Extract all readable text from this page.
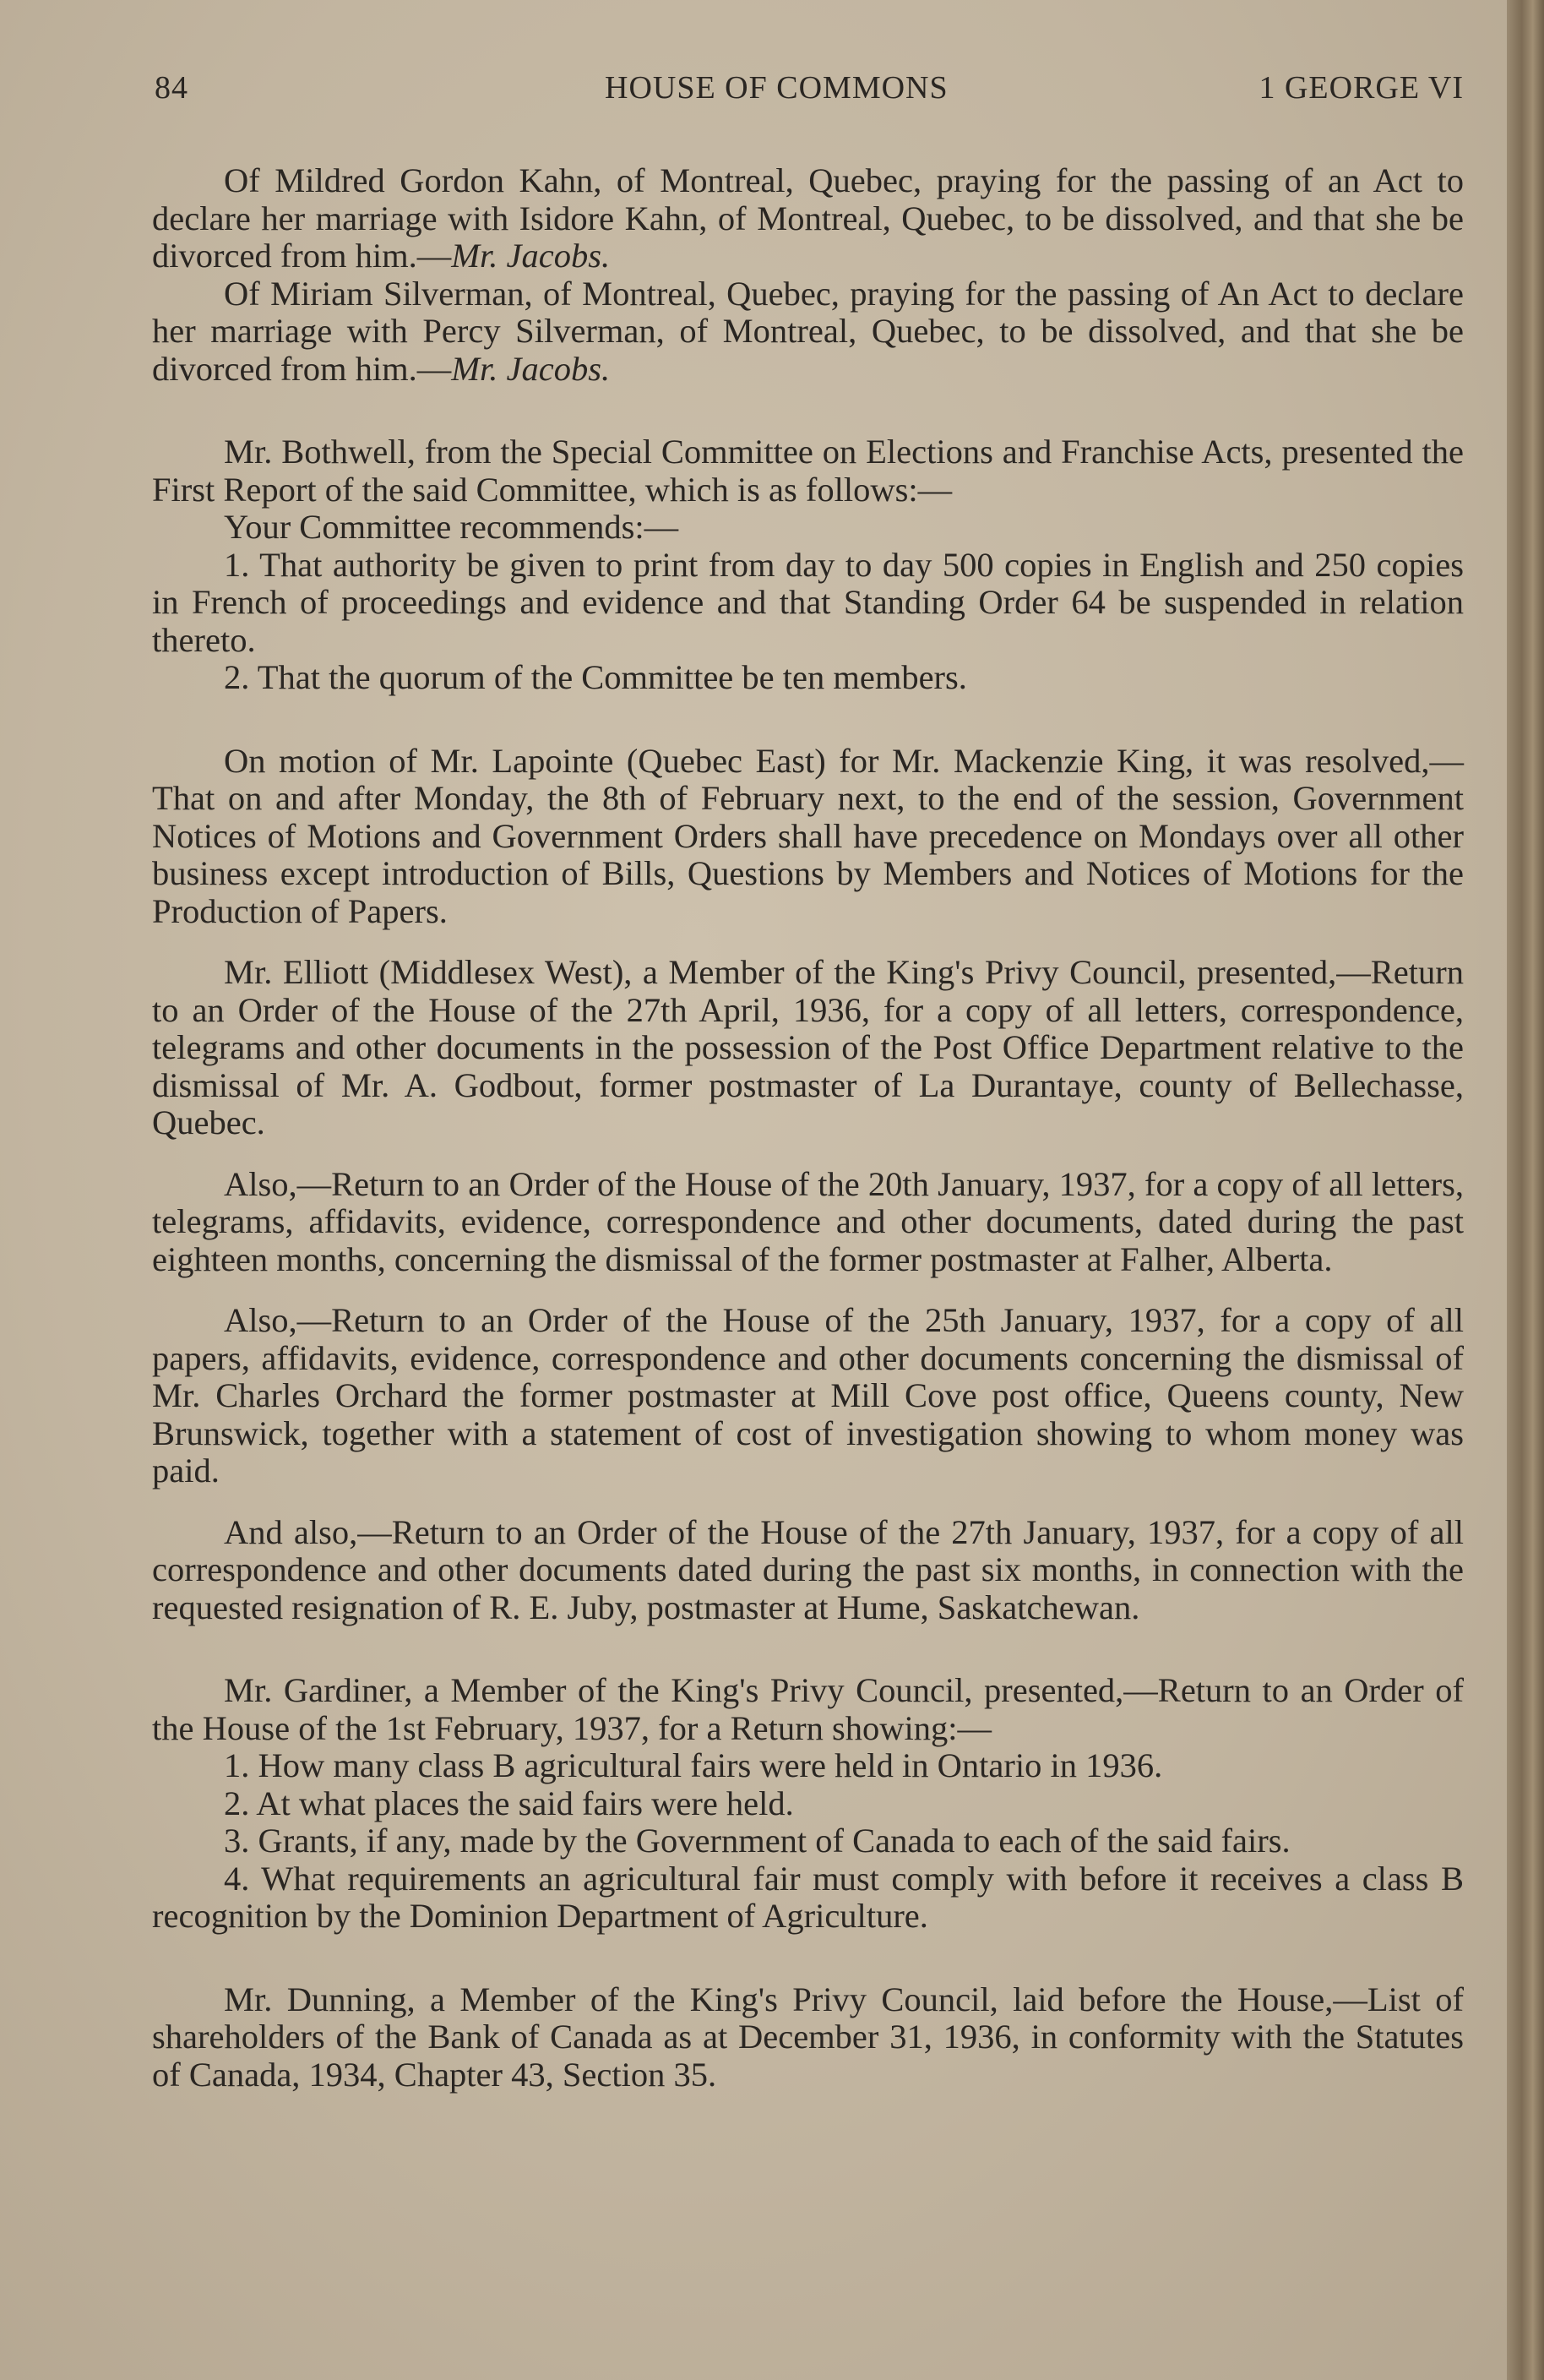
84	HOUSE OF COMMONS	1 GEORGE VI

Of Mildred Gordon Kahn, of Montreal, Quebec, praying for the passing of an Act to declare her marriage with Isidore Kahn, of Montreal, Quebec, to be dissolved, and that she be divorced from him.—Mr. Jacobs.

Of Miriam Silverman, of Montreal, Quebec, praying for the passing of An Act to declare her marriage with Percy Silverman, of Montreal, Quebec, to be dissolved, and that she be divorced from him.—Mr. Jacobs.

Mr. Bothwell, from the Special Committee on Elections and Franchise Acts, presented the First Report of the said Committee, which is as follows:—

Your Committee recommends:—

1. That authority be given to print from day to day 500 copies in English and 250 copies in French of proceedings and evidence and that Standing Order 64 be suspended in relation thereto.

2. That the quorum of the Committee be ten members.

On motion of Mr. Lapointe (Quebec East) for Mr. Mackenzie King, it was resolved,—That on and after Monday, the 8th of February next, to the end of the session, Government Notices of Motions and Government Orders shall have precedence on Mondays over all other business except introduction of Bills, Questions by Members and Notices of Motions for the Production of Papers.

Mr. Elliott (Middlesex West), a Member of the King's Privy Council, presented,—Return to an Order of the House of the 27th April, 1936, for a copy of all letters, correspondence, telegrams and other documents in the possession of the Post Office Department relative to the dismissal of Mr. A. Godbout, former postmaster of La Durantaye, county of Bellechasse, Quebec.

Also,—Return to an Order of the House of the 20th January, 1937, for a copy of all letters, telegrams, affidavits, evidence, correspondence and other documents, dated during the past eighteen months, concerning the dismissal of the former postmaster at Falher, Alberta.

Also,—Return to an Order of the House of the 25th January, 1937, for a copy of all papers, affidavits, evidence, correspondence and other documents concerning the dismissal of Mr. Charles Orchard the former postmaster at Mill Cove post office, Queens county, New Brunswick, together with a statement of cost of investigation showing to whom money was paid.

And also,—Return to an Order of the House of the 27th January, 1937, for a copy of all correspondence and other documents dated during the past six months, in connection with the requested resignation of R. E. Juby, postmaster at Hume, Saskatchewan.

Mr. Gardiner, a Member of the King's Privy Council, presented,—Return to an Order of the House of the 1st February, 1937, for a Return showing:—

1. How many class B agricultural fairs were held in Ontario in 1936.

2. At what places the said fairs were held.

3. Grants, if any, made by the Government of Canada to each of the said fairs.

4. What requirements an agricultural fair must comply with before it receives a class B recognition by the Dominion Department of Agriculture.

Mr. Dunning, a Member of the King's Privy Council, laid before the House,—List of shareholders of the Bank of Canada as at December 31, 1936, in conformity with the Statutes of Canada, 1934, Chapter 43, Section 35.
